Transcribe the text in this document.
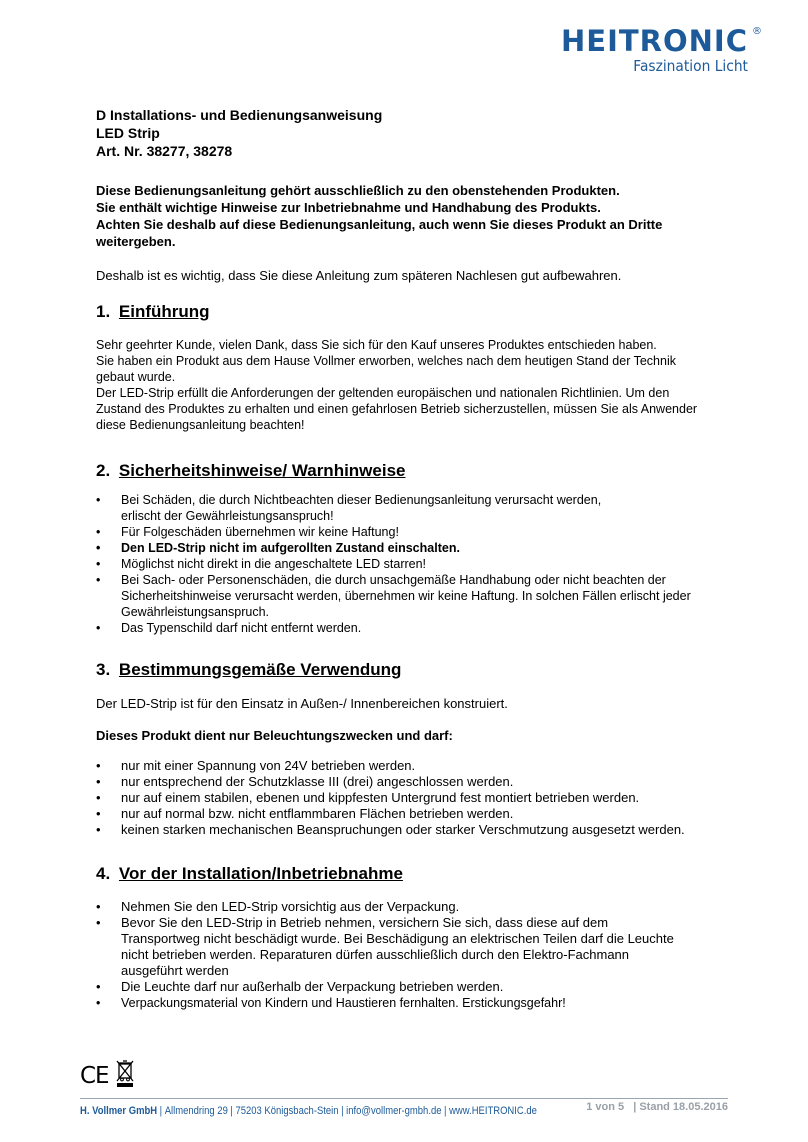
HEITRONIC ®
Faszination Licht
D Installations- und Bedienungsanweisung
LED Strip
Art. Nr. 38277, 38278
Diese Bedienungsanleitung gehört ausschließlich zu den obenstehenden Produkten.
Sie enthält wichtige Hinweise zur Inbetriebnahme und Handhabung des Produkts.
Achten Sie deshalb auf diese Bedienungsanleitung, auch wenn Sie dieses Produkt an Dritte weitergeben.

Deshalb ist es wichtig, dass Sie diese Anleitung zum späteren Nachlesen gut aufbewahren.

1. Einführung
Sehr geehrter Kunde, vielen Dank, dass Sie sich für den Kauf unseres Produktes entschieden haben.
Sie haben ein Produkt aus dem Hause Vollmer erworben, welches nach dem heutigen Stand der Technik gebaut wurde.
Der LED-Strip erfüllt die Anforderungen der geltenden europäischen und nationalen Richtlinien. Um den Zustand des Produktes zu erhalten und einen gefahrlosen Betrieb sicherzustellen, müssen Sie als Anwender diese Bedienungsanleitung beachten!
2. Sicherheitshinweise/ Warnhinweise
• Bei Schäden, die durch Nichtbeachten dieser Bedienungsanleitung verursacht werden, erlischt der Gewährleistungsanspruch!
• Für Folgeschäden übernehmen wir keine Haftung!
• Den LED-Strip nicht im aufgerollten Zustand einschalten.
• Möglichst nicht direkt in die angeschaltete LED starren!
• Bei Sach- oder Personenschäden, die durch unsachgemäße Handhabung oder nicht beachten der Sicherheitshinweise verursacht werden, übernehmen wir keine Haftung. In solchen Fällen erlischt jeder Gewährleistungsanspruch.
• Das Typenschild darf nicht entfernt werden.
3. Bestimmungsgemäße Verwendung

Der LED-Strip ist für den Einsatz in Außen-/ Innenbereichen konstruiert.

Dieses Produkt dient nur Beleuchtungszwecken und darf:

• nur mit einer Spannung von 24V betrieben werden.
• nur entsprechend der Schutzklasse III (drei) angeschlossen werden.
• nur auf einem stabilen, ebenen und kippfesten Untergrund fest montiert betrieben werden.
• nur auf normal bzw. nicht entflammbaren Flächen betrieben werden.
• keinen starken mechanischen Beanspruchungen oder starker Verschmutzung ausgesetzt werden.
4. Vor der Installation/Inbetriebnahme
• Nehmen Sie den LED-Strip vorsichtig aus der Verpackung.
• Bevor Sie den LED-Strip in Betrieb nehmen, versichern Sie sich, dass diese auf dem Transportweg nicht beschädigt wurde. Bei Beschädigung an elektrischen Teilen darf die Leuchte nicht betrieben werden. Reparaturen dürfen ausschließlich durch den Elektro-Fachmann ausgeführt werden
• Die Leuchte darf nur außerhalb der Verpackung betrieben werden.
• Verpackungsmaterial von Kindern und Haustieren fernhalten. Erstickungsgefahr!
CE
H. Vollmer GmbH | Allmendring 29 | 75203 Königsbach-Stein | info@vollmer-gmbh.de | www.HEITRONIC.de	1 von 5 | Stand 18.05.2016
